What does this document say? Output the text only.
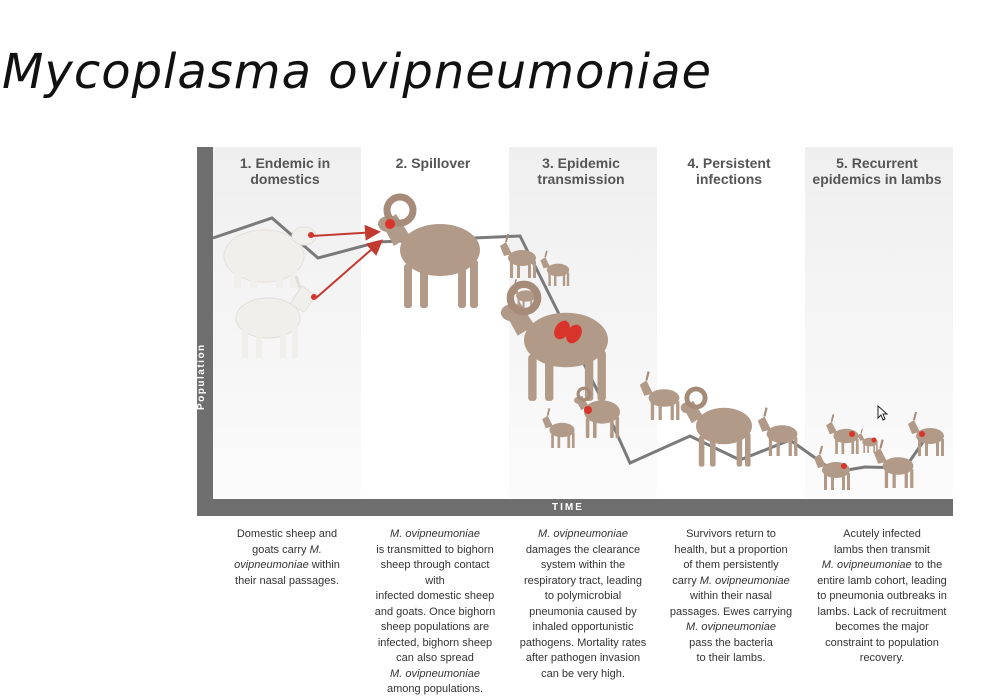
Mycoplasma ovipneumoniae
1. Endemic in domestics
2. Spillover	3. Epidemic transmission
4. Persistent infections
5. Recurrent epidemics in lambs
Population
TIME
Domestic sheep and
goats carry M.
ovipneumoniae within
their nasal passages.
M. ovipneumoniae
is transmitted to bighorn
sheep through contact with
infected domestic sheep
and goats. Once bighorn
sheep populations are
infected, bighorn sheep
can also spread
M. ovipneumoniae
among populations.
M. ovipneumoniae
damages the clearance
system within the
respiratory tract, leading
to polymicrobial
pneumonia caused by
inhaled opportunistic
pathogens. Mortality rates
after pathogen invasion
can be very high.
Survivors return to
health, but a proportion
of them persistently
carry M. ovipneumoniae
within their nasal
passages. Ewes carrying
M. ovipneumoniae
pass the bacteria
to their lambs.
Acutely infected
lambs then transmit
M. ovipneumoniae to the
entire lamb cohort, leading
to pneumonia outbreaks in
lambs. Lack of recruitment
becomes the major
constraint to population
recovery.
